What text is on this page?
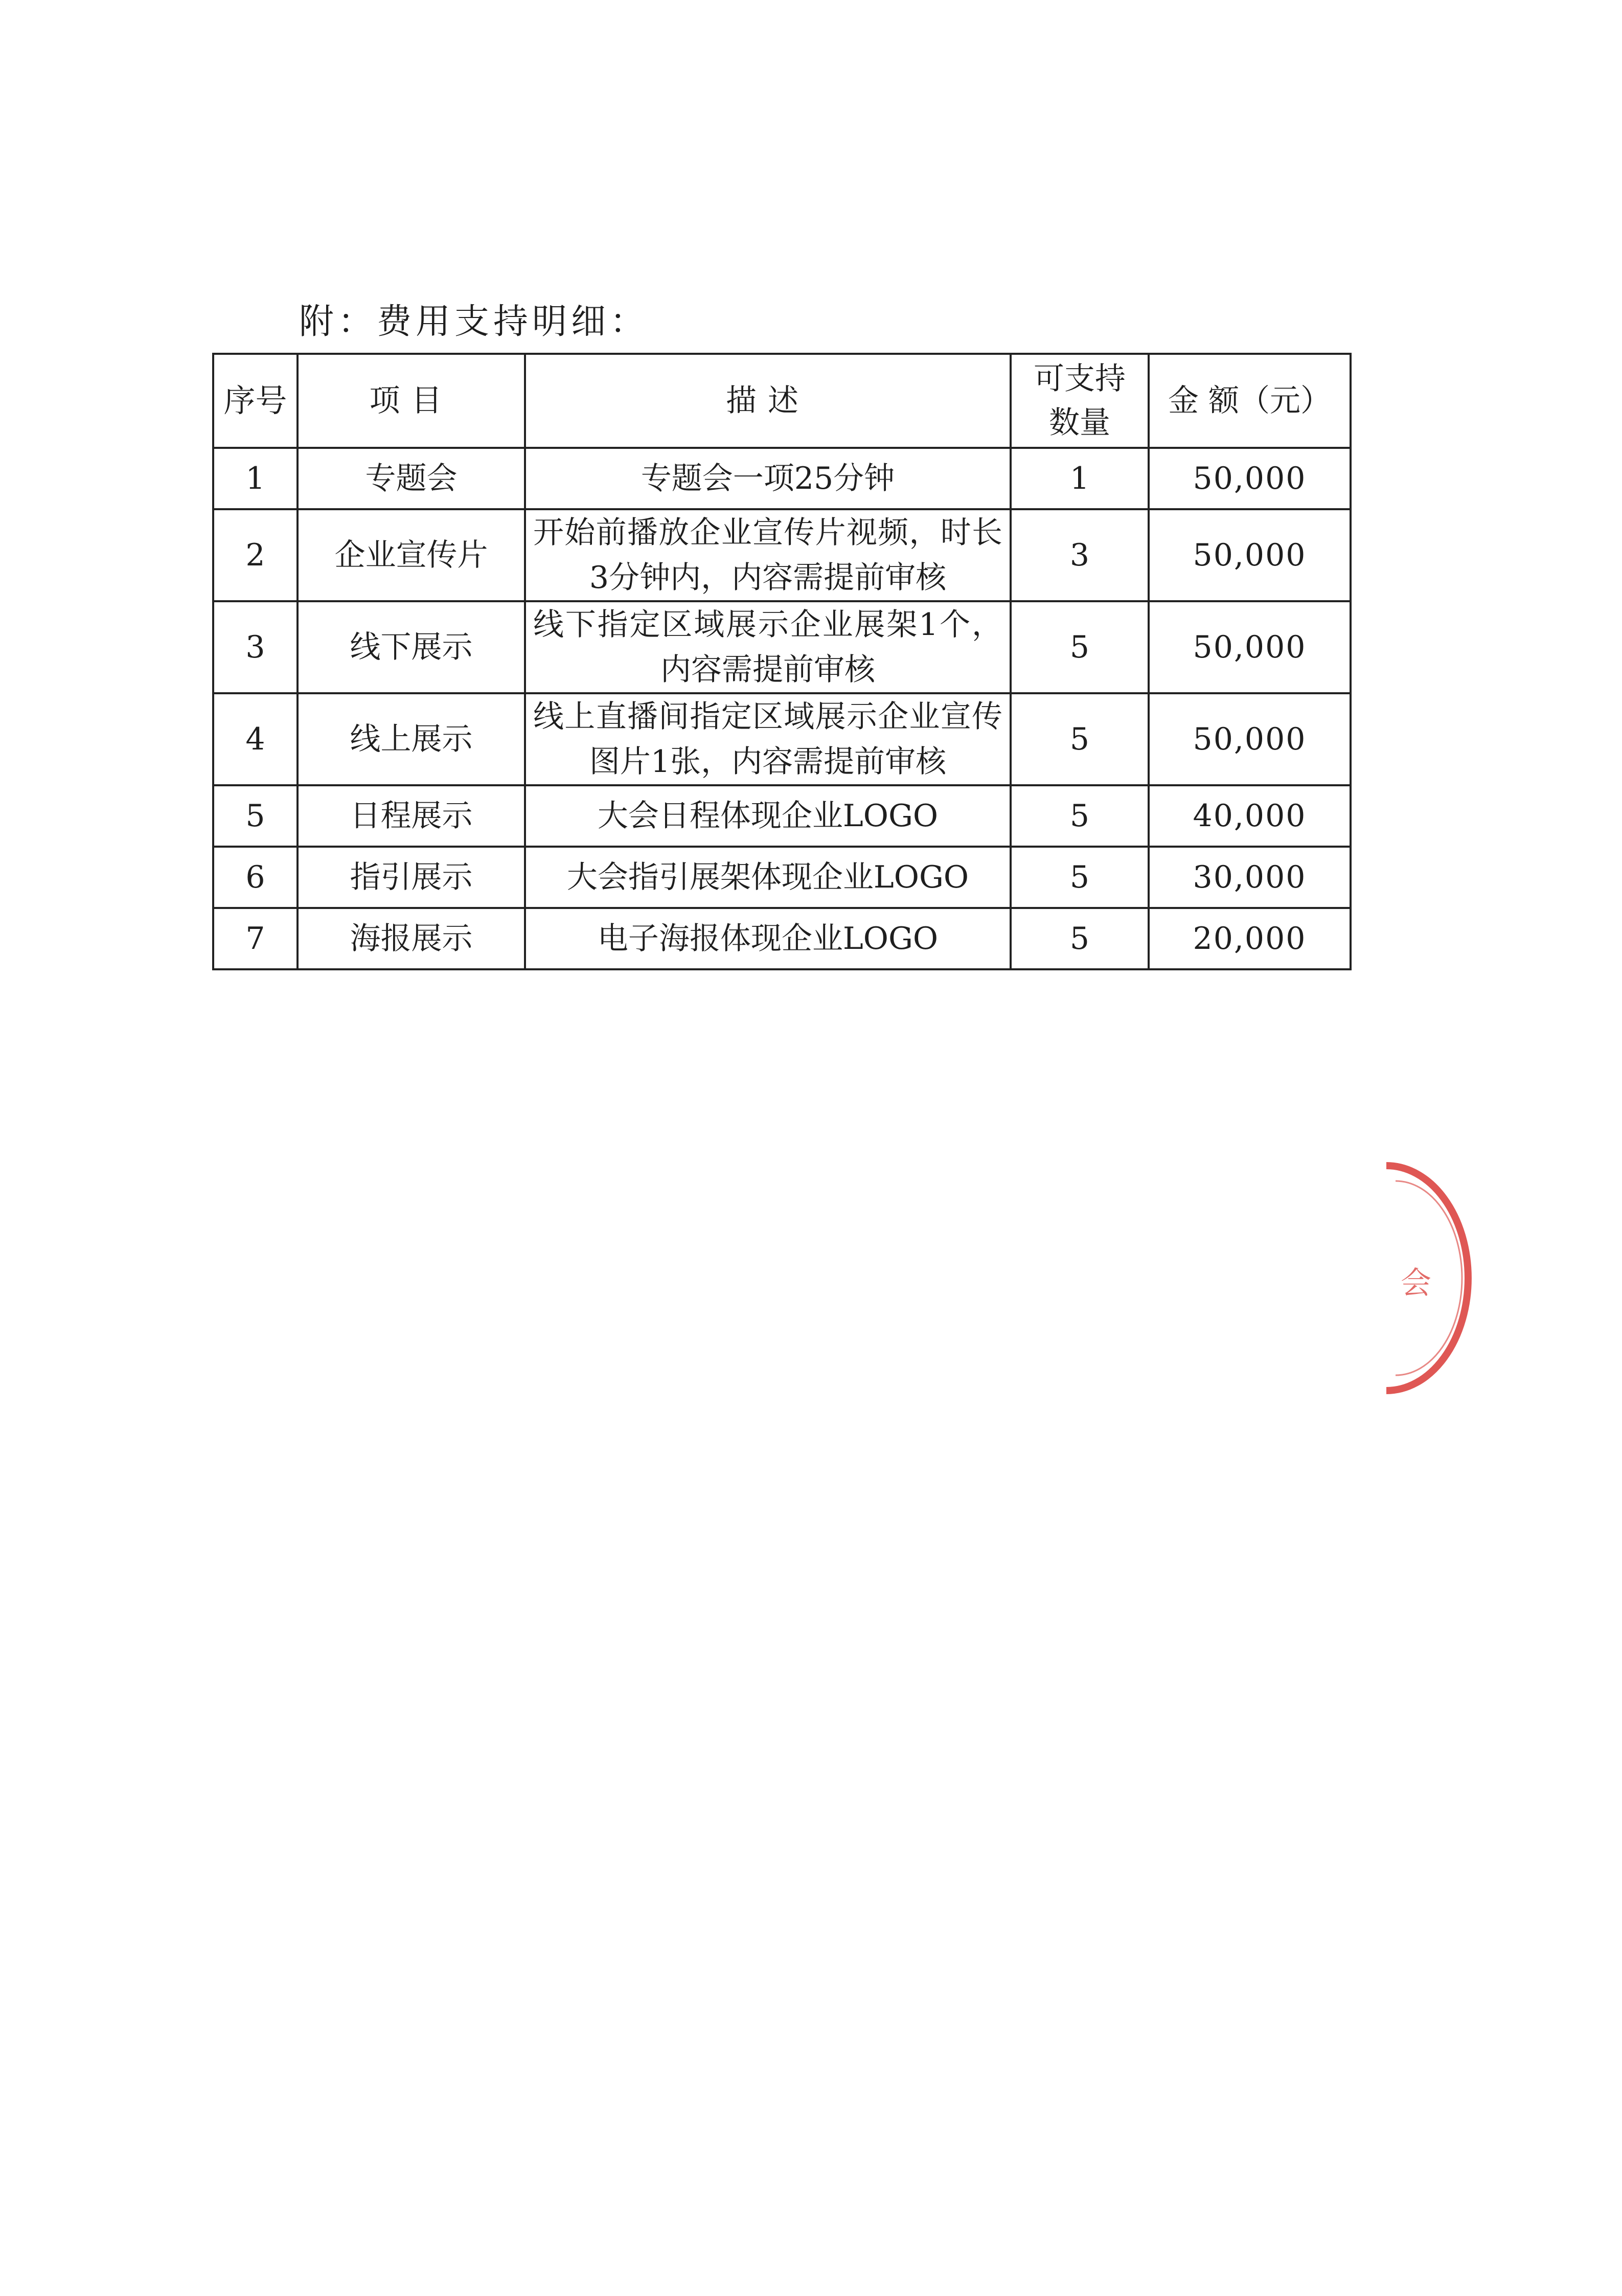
附：费用支持明细：
序号	项目	描述	可支持数量	金 额（元）
1	专题会	专题会一项25分钟	1	50,000
2	企业宣传片	开始前播放企业宣传片视频，时长3分钟内，内容需提前审核	3	50,000
3	线下展示	线下指定区域展示企业展架1个，内容需提前审核	5	50,000
4	线上展示	线上直播间指定区域展示企业宣传图片1张，内容需提前审核	5	50,000
5	日程展示	大会日程体现企业LOGO	5	40,000
6	指引展示	大会指引展架体现企业LOGO	5	30,000
7	海报展示	电子海报体现企业LOGO	5	20,000
会
